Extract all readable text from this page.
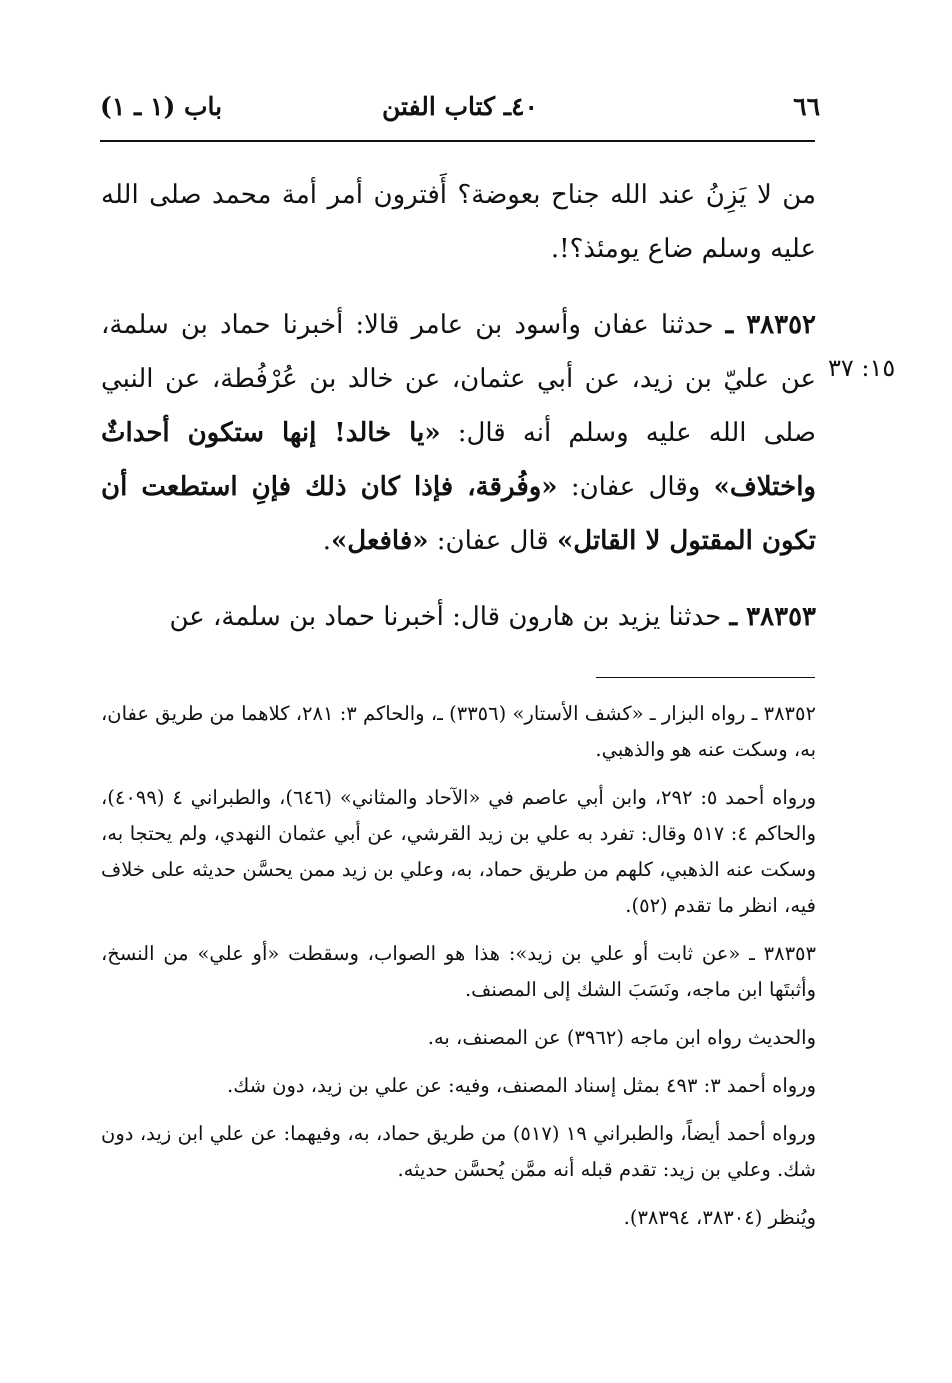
٦٦
٤٠ـ كتاب الفتن
باب (١ ـ ١)
١٥: ٣٧

من لا يَزِنُ عند الله جناح بعوضة؟ أَفترون أمر أمة محمد صلى الله عليه وسلم ضاع يومئذ؟!.

٣٨٣٥٢ ـ حدثنا عفان وأسود بن عامر قالا: أخبرنا حماد بن سلمة، عن عليّ بن زيد، عن أبي عثمان، عن خالد بن عُرْفُطة، عن النبي صلى الله عليه وسلم أنه قال: «يا خالد! إنها ستكون أحداثٌ واختلاف» وقال عفان: «وفُرقة، فإذا كان ذلك فإنِ استطعت أن تكون المقتول لا القاتل» قال عفان: «فافعل».

٣٨٣٥٣ ـ حدثنا يزيد بن هارون قال: أخبرنا حماد بن سلمة، عن

٣٨٣٥٢ ـ رواه البزار ـ «كشف الأستار» (٣٣٥٦) ـ، والحاكم ٣: ٢٨١، كلاهما من طريق عفان، به، وسكت عنه هو والذهبي.

ورواه أحمد ٥: ٢٩٢، وابن أبي عاصم في «الآحاد والمثاني» (٦٤٦)، والطبراني ٤ (٤٠٩٩)، والحاكم ٤: ٥١٧ وقال: تفرد به علي بن زيد القرشي، عن أبي عثمان النهدي، ولم يحتجا به، وسكت عنه الذهبي، كلهم من طريق حماد، به، وعلي بن زيد ممن يحسَّن حديثه على خلاف فيه، انظر ما تقدم (٥٢).

٣٨٣٥٣ ـ «عن ثابت أو علي بن زيد»: هذا هو الصواب، وسقطت «أو علي» من النسخ، وأثبتَها ابن ماجه، ونَسَبَ الشك إلى المصنف.

والحديث رواه ابن ماجه (٣٩٦٢) عن المصنف، به.

ورواه أحمد ٣: ٤٩٣ بمثل إسناد المصنف، وفيه: عن علي بن زيد، دون شك.

ورواه أحمد أيضاً، والطبراني ١٩ (٥١٧) من طريق حماد، به، وفيهما: عن علي ابن زيد، دون شك. وعلي بن زيد: تقدم قبله أنه ممَّن يُحسَّن حديثه.

ويُنظر (٣٨٣٠٤، ٣٨٣٩٤).
